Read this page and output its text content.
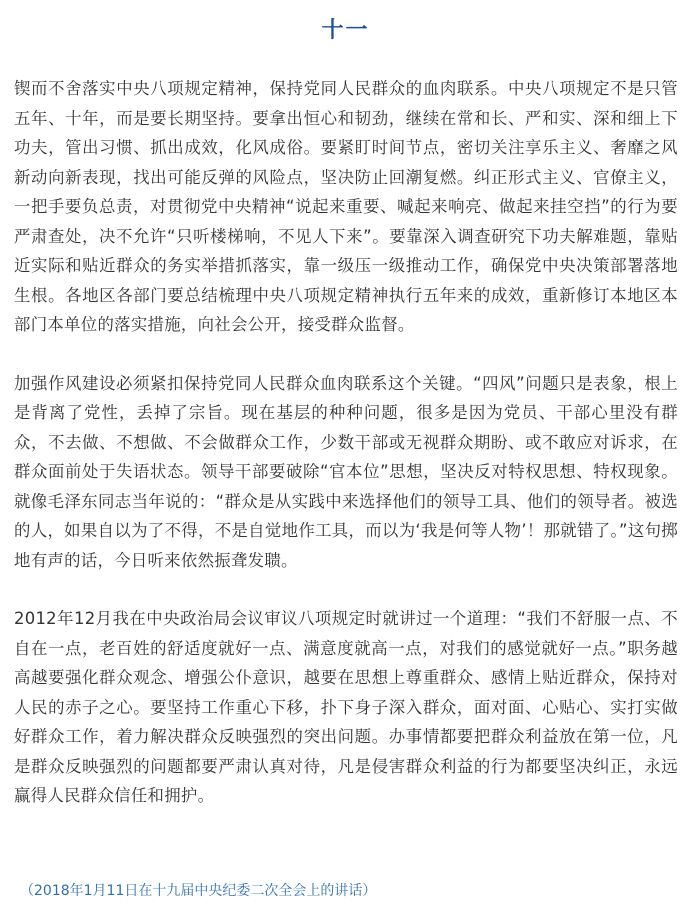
十一

锲而不舍落实中央八项规定精神，保持党同人民群众的血肉联系。中央八项规定不是只管五年、十年，而是要长期坚持。要拿出恒心和韧劲，继续在常和长、严和实、深和细上下功夫，管出习惯、抓出成效，化风成俗。要紧盯时间节点，密切关注享乐主义、奢靡之风新动向新表现，找出可能反弹的风险点，坚决防止回潮复燃。纠正形式主义、官僚主义，一把手要负总责，对贯彻党中央精神“说起来重要、喊起来响亮、做起来挂空挡”的行为要严肃查处，决不允许“只听楼梯响，不见人下来”。要靠深入调查研究下功夫解难题，靠贴近实际和贴近群众的务实举措抓落实，靠一级压一级推动工作，确保党中央决策部署落地生根。各地区各部门要总结梳理中央八项规定精神执行五年来的成效，重新修订本地区本部门本单位的落实措施，向社会公开，接受群众监督。

加强作风建设必须紧扣保持党同人民群众血肉联系这个关键。“四风”问题只是表象，根上是背离了党性，丢掉了宗旨。现在基层的种种问题，很多是因为党员、干部心里没有群众，不去做、不想做、不会做群众工作，少数干部或无视群众期盼、或不敢应对诉求，在群众面前处于失语状态。领导干部要破除“官本位”思想，坚决反对特权思想、特权现象。就像毛泽东同志当年说的：“群众是从实践中来选择他们的领导工具、他们的领导者。被选的人，如果自以为了不得，不是自觉地作工具，而以为‘我是何等人物’！那就错了。”这句掷地有声的话，今日听来依然振聋发聩。

2012年12月我在中央政治局会议审议八项规定时就讲过一个道理：“我们不舒服一点、不自在一点，老百姓的舒适度就好一点、满意度就高一点，对我们的感觉就好一点。”职务越高越要强化群众观念、增强公仆意识，越要在思想上尊重群众、感情上贴近群众，保持对人民的赤子之心。要坚持工作重心下移，扑下身子深入群众，面对面、心贴心、实打实做好群众工作，着力解决群众反映强烈的突出问题。办事情都要把群众利益放在第一位，凡是群众反映强烈的问题都要严肃认真对待，凡是侵害群众利益的行为都要坚决纠正，永远赢得人民群众信任和拥护。

（2018年1月11日在十九届中央纪委二次全会上的讲话）
